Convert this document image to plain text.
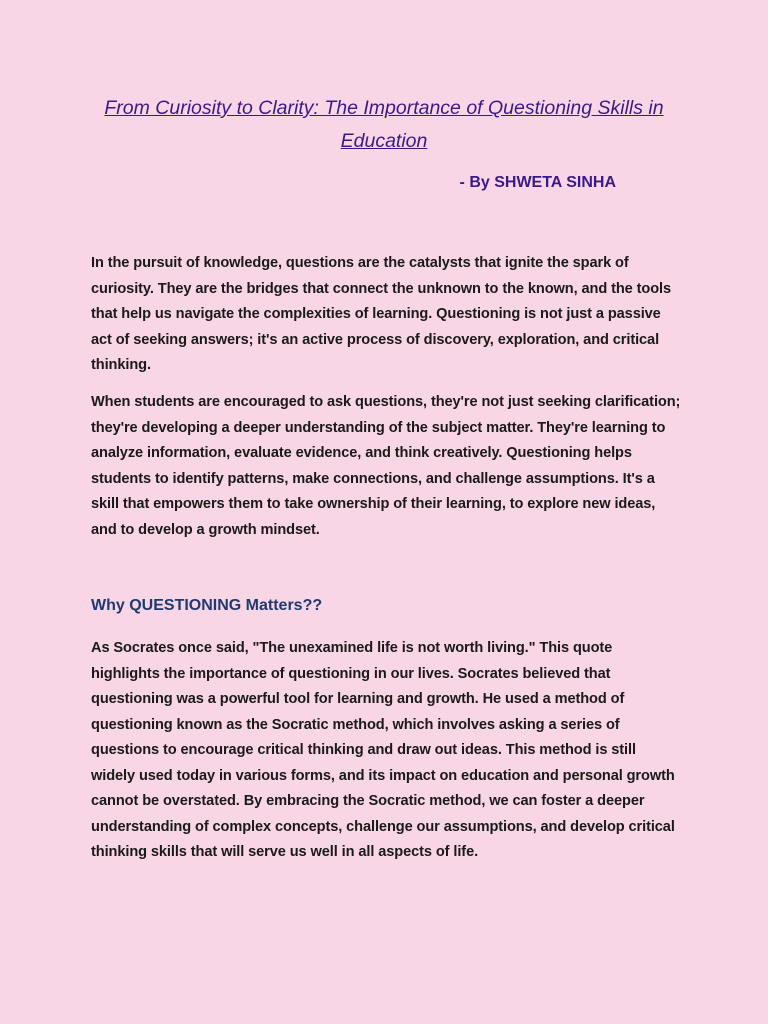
From Curiosity to Clarity: The Importance of Questioning Skills in Education

- By SHWETA SINHA

In the pursuit of knowledge, questions are the catalysts that ignite the spark of curiosity. They are the bridges that connect the unknown to the known, and the tools that help us navigate the complexities of learning. Questioning is not just a passive act of seeking answers; it's an active process of discovery, exploration, and critical thinking.

When students are encouraged to ask questions, they're not just seeking clarification; they're developing a deeper understanding of the subject matter. They're learning to analyze information, evaluate evidence, and think creatively. Questioning helps students to identify patterns, make connections, and challenge assumptions. It's a skill that empowers them to take ownership of their learning, to explore new ideas, and to develop a growth mindset.

Why QUESTIONING Matters??

As Socrates once said, "The unexamined life is not worth living." This quote highlights the importance of questioning in our lives. Socrates believed that questioning was a powerful tool for learning and growth. He used a method of questioning known as the Socratic method, which involves asking a series of questions to encourage critical thinking and draw out ideas. This method is still widely used today in various forms, and its impact on education and personal growth cannot be overstated. By embracing the Socratic method, we can foster a deeper understanding of complex concepts, challenge our assumptions, and develop critical thinking skills that will serve us well in all aspects of life.
